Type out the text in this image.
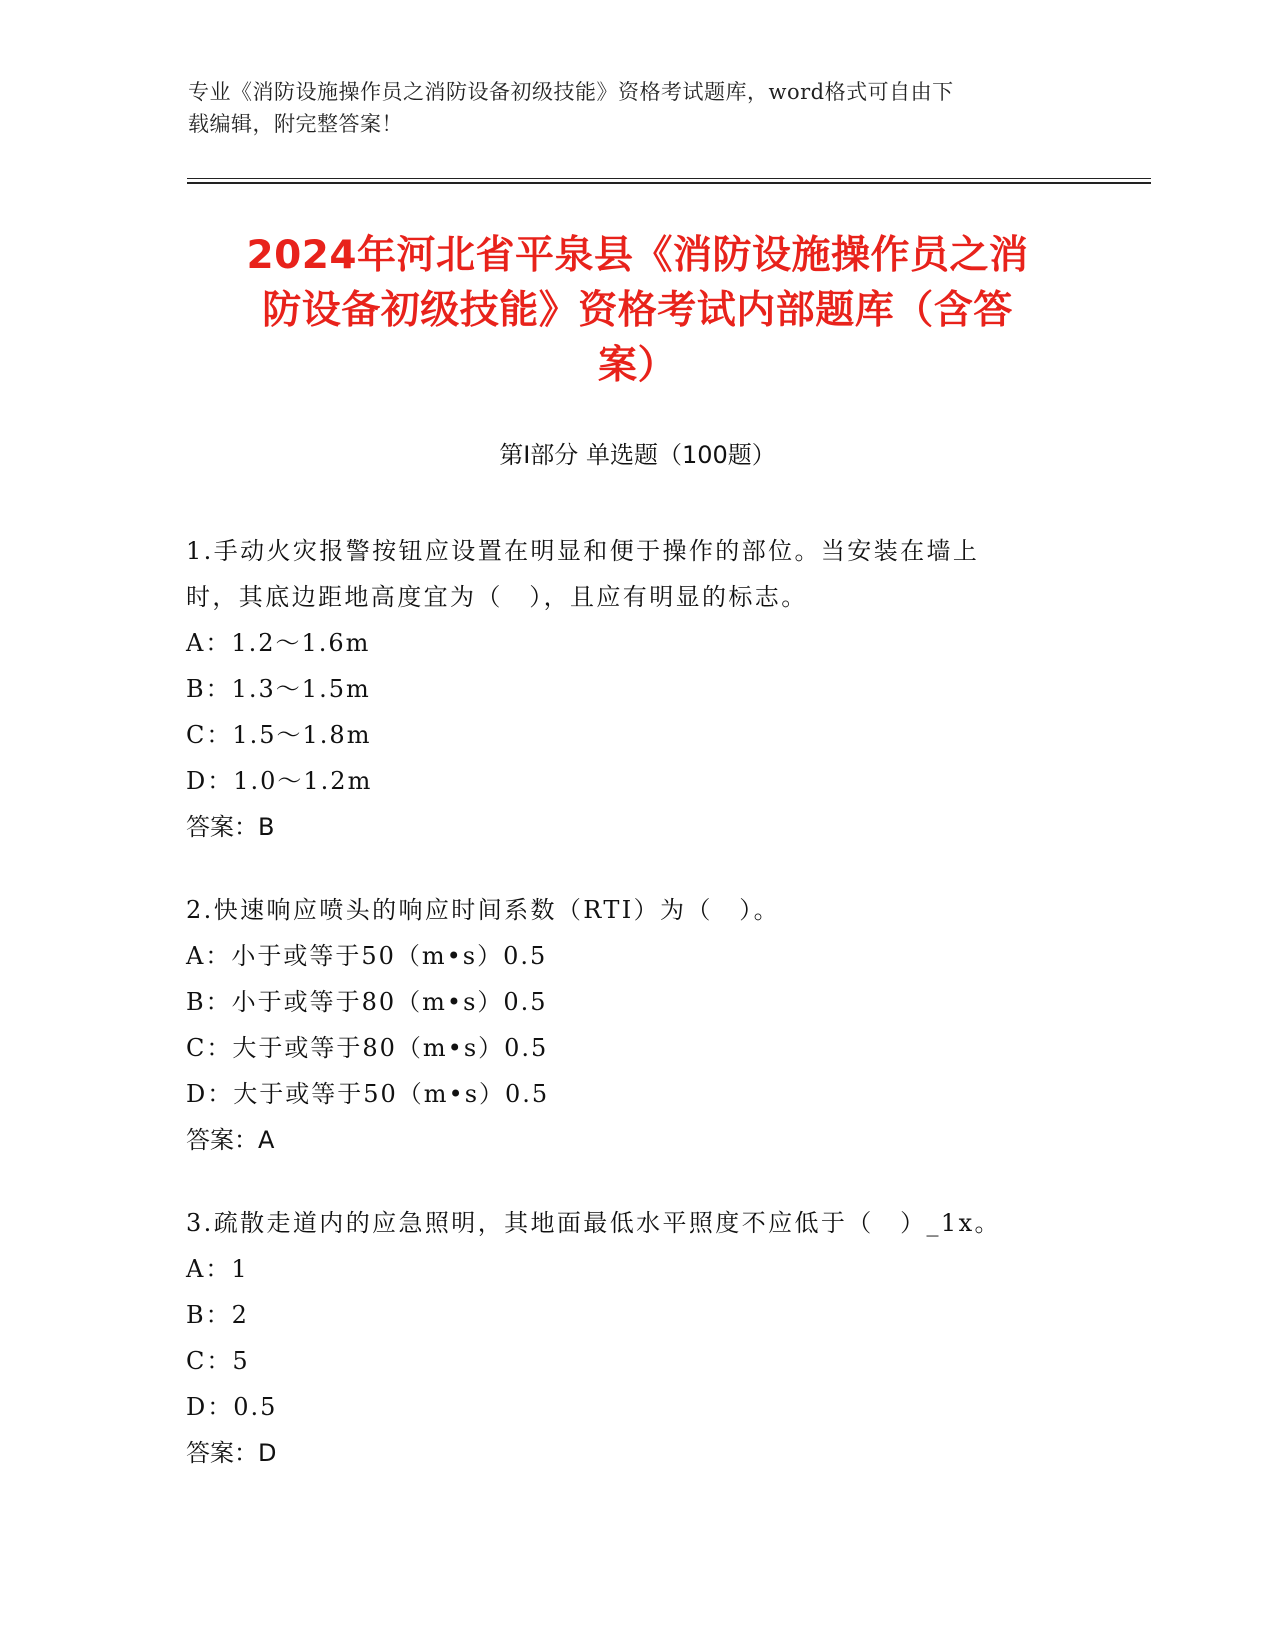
专业《消防设施操作员之消防设备初级技能》资格考试题库，word格式可自由下
载编辑，附完整答案！
2024年河北省平泉县《消防设施操作员之消
防设备初级技能》资格考试内部题库（含答
案）
第Ⅰ部分 单选题（100题）
1.手动火灾报警按钮应设置在明显和便于操作的部位。当安装在墙上
时，其底边距地高度宜为（　），且应有明显的标志。
A：1.2～1.6m
B：1.3～1.5m
C：1.5～1.8m
D：1.0～1.2m
答案：B
2.快速响应喷头的响应时间系数（RTI）为（　）。
A：小于或等于50（m•s）0.5
B：小于或等于80（m•s）0.5
C：大于或等于80（m•s）0.5
D：大于或等于50（m•s）0.5
答案：A
3.疏散走道内的应急照明，其地面最低水平照度不应低于（　）_1x。
A：1
B：2
C：5
D：0.5
答案：D
